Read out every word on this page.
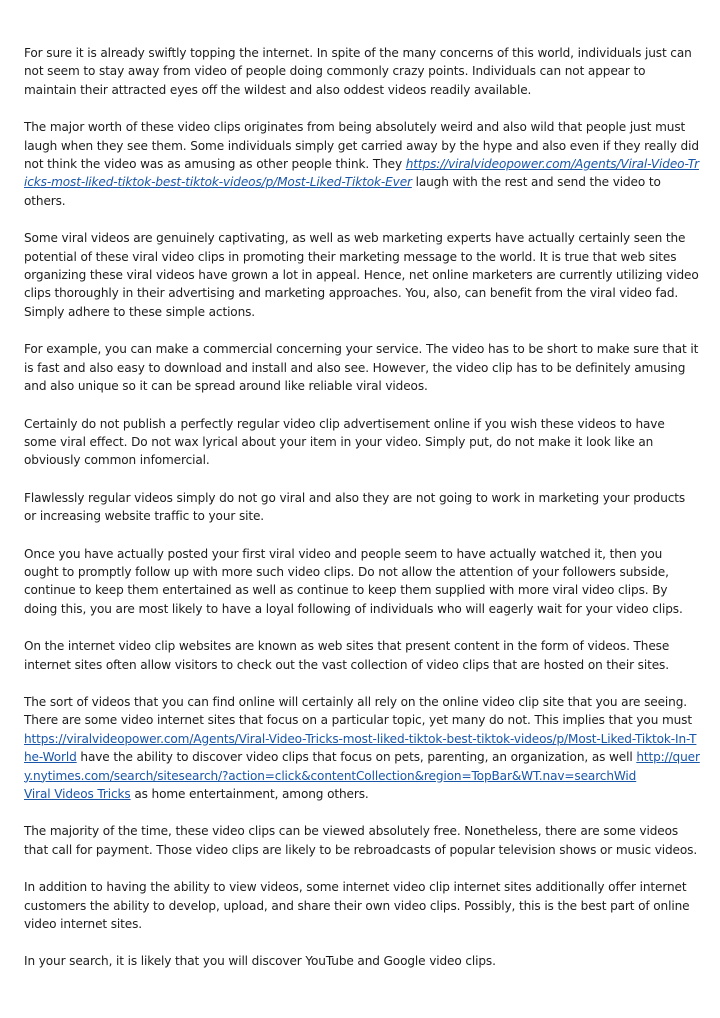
For sure it is already swiftly topping the internet. In spite of the many concerns of this world, individuals just can not seem to stay away from video of people doing commonly crazy points. Individuals can not appear to maintain their attracted eyes off the wildest and also oddest videos readily available.

The major worth of these video clips originates from being absolutely weird and also wild that people just must laugh when they see them. Some individuals simply get carried away by the hype and also even if they really did not think the video was as amusing as other people think. They https://viralvideopower.com/Agents/Viral-Video-Tricks-most-liked-tiktok-best-tiktok-videos/p/Most-Liked-Tiktok-Ever laugh with the rest and send the video to others.

Some viral videos are genuinely captivating, as well as web marketing experts have actually certainly seen the potential of these viral video clips in promoting their marketing message to the world. It is true that web sites organizing these viral videos have grown a lot in appeal. Hence, net online marketers are currently utilizing video clips thoroughly in their advertising and marketing approaches. You, also, can benefit from the viral video fad. Simply adhere to these simple actions.

For example, you can make a commercial concerning your service. The video has to be short to make sure that it is fast and also easy to download and install and also see. However, the video clip has to be definitely amusing and also unique so it can be spread around like reliable viral videos.

Certainly do not publish a perfectly regular video clip advertisement online if you wish these videos to have some viral effect. Do not wax lyrical about your item in your video. Simply put, do not make it look like an obviously common infomercial.

Flawlessly regular videos simply do not go viral and also they are not going to work in marketing your products or increasing website traffic to your site.

Once you have actually posted your first viral video and people seem to have actually watched it, then you ought to promptly follow up with more such video clips. Do not allow the attention of your followers subside, continue to keep them entertained as well as continue to keep them supplied with more viral video clips. By doing this, you are most likely to have a loyal following of individuals who will eagerly wait for your video clips.

On the internet video clip websites are known as web sites that present content in the form of videos. These internet sites often allow visitors to check out the vast collection of video clips that are hosted on their sites.

The sort of videos that you can find online will certainly all rely on the online video clip site that you are seeing. There are some video internet sites that focus on a particular topic, yet many do not. This implies that you must https://viralvideopower.com/Agents/Viral-Video-Tricks-most-liked-tiktok-best-tiktok-videos/p/Most-Liked-Tiktok-In-The-World have the ability to discover video clips that focus on pets, parenting, an organization, as well http://query.nytimes.com/search/sitesearch/?action=click&contentCollection&region=TopBar&WT.nav=searchWid
Viral Videos Tricks as home entertainment, among others.

The majority of the time, these video clips can be viewed absolutely free. Nonetheless, there are some videos that call for payment. Those video clips are likely to be rebroadcasts of popular television shows or music videos.

In addition to having the ability to view videos, some internet video clip internet sites additionally offer internet customers the ability to develop, upload, and share their own video clips. Possibly, this is the best part of online video internet sites.

In your search, it is likely that you will discover YouTube and Google video clips.
